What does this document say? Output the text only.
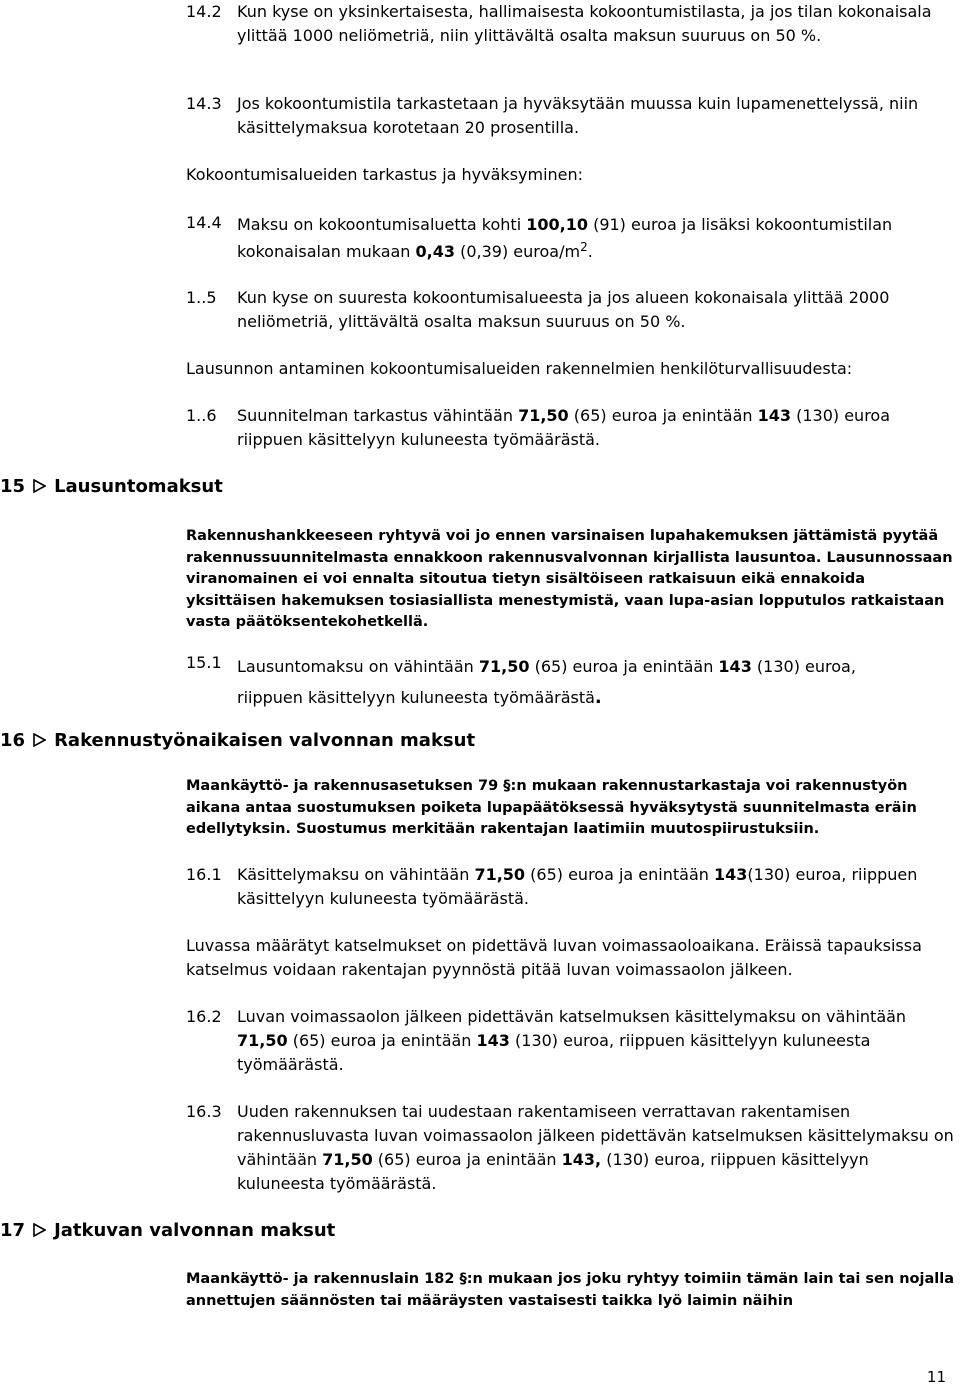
14.2 Kun kyse on yksinkertaisesta, hallimaisesta kokoontumistilasta, ja jos tilan kokonaisala ylittää 1000 neliömetriä, niin ylittävältä osalta maksun suuruus on 50 %.
14.3 Jos kokoontumistila tarkastetaan ja hyväksytään muussa kuin lupamenettelyssä, niin käsittelymaksua korotetaan 20 prosentilla.
Kokoontumisalueiden tarkastus ja hyväksyminen:
14.4 Maksu on kokoontumisaluetta kohti 100,10 (91) euroa ja lisäksi kokoontumistilan kokonaisalan mukaan 0,43 (0,39) euroa/$m^2$.
1..5 Kun kyse on suuresta kokoontumisalueesta ja jos alueen kokonaisala ylittää 2000 neliömetriä, ylittävältä osalta maksun suuruus on 50 %.
Lausunnon antaminen kokoontumisalueiden rakennelmien henkilöturvallisuudesta:
1..6 Suunnitelman tarkastus vähintään 71,50 (65) euroa ja enintään 143 (130) euroa riippuen käsittelyyn kuluneesta työmäärästä.
15 Lausuntomaksut
Rakennushankkeeseen ryhtyvä voi jo ennen varsinaisen lupahakemuksen jättämistä pyytää rakennussuunnitelmasta ennakkoon rakennusvalvonnan kirjallista lausuntoa. Lausunnossaan viranomainen ei voi ennalta sitoutua tietyn sisältöiseen ratkaisuun eikä ennakoida yksittäisen hakemuksen tosiasiallista menestymistä, vaan lupa-asian lopputulos ratkaistaan vasta päätöksentekohetkellä.
15.1 Lausuntomaksu on vähintään 71,50 (65) euroa ja enintään 143 (130) euroa,
riippuen käsittelyyn kuluneesta työmäärästä.
16 Rakennustyönaikaisen valvonnan maksut
Maankäyttö- ja rakennusasetuksen 79 §:n mukaan rakennustarkastaja voi rakennustyön aikana antaa suostumuksen poiketa lupapäätöksessä hyväksytystä suunnitelmasta eräin edellytyksin. Suostumus merkitään rakentajan laatimiin muutospiirustuksiin.
16.1 Käsittelymaksu on vähintään 71,50 (65) euroa ja enintään 143(130) euroa, riippuen käsittelyyn kuluneesta työmäärästä.
Luvassa määrätyt katselmukset on pidettävä luvan voimassaoloaikana. Eräissä tapauksissa katselmus voidaan rakentajan pyynnöstä pitää luvan voimassaolon jälkeen.
16.2 Luvan voimassaolon jälkeen pidettävän katselmuksen käsittelymaksu on vähintään 71,50 (65) euroa ja enintään 143 (130) euroa, riippuen käsittelyyn kuluneesta työmäärästä.
16.3 Uuden rakennuksen tai uudestaan rakentamiseen verrattavan rakentamisen rakennusluvasta luvan voimassaolon jälkeen pidettävän katselmuksen käsittelymaksu on vähintään 71,50 (65) euroa ja enintään 143, (130) euroa, riippuen käsittelyyn kuluneesta työmäärästä.
17 Jatkuvan valvonnan maksut
Maankäyttö- ja rakennuslain 182 §:n mukaan jos joku ryhtyy toimiin tämän lain tai sen nojalla annettujen säännösten tai määräysten vastaisesti taikka lyö laimin näihin
11
